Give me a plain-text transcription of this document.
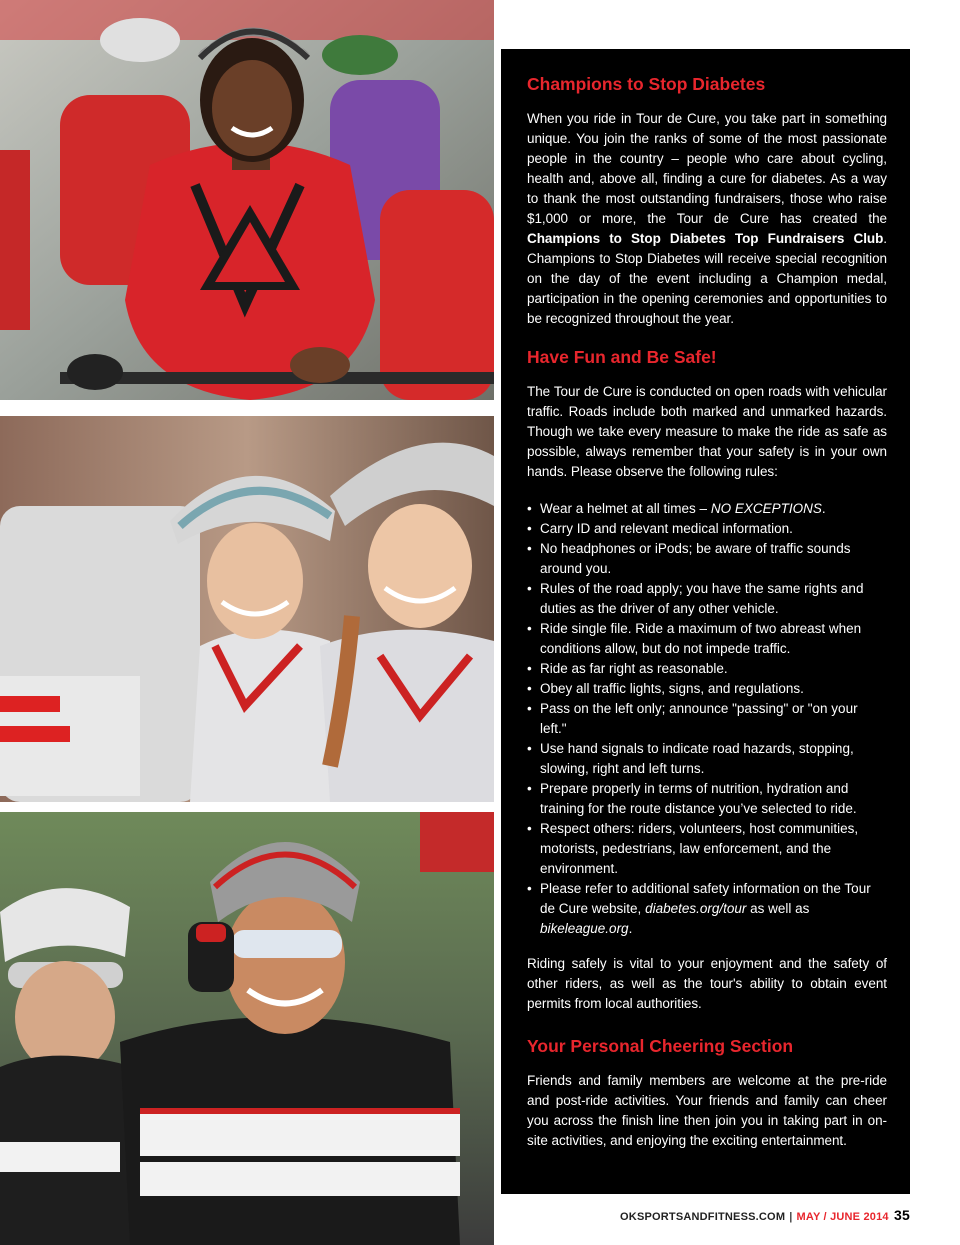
Champions to Stop Diabetes

When you ride in Tour de Cure, you take part in something unique. You join the ranks of some of the most passionate people in the country – people who care about cycling, health and, above all, finding a cure for diabetes. As a way to thank the most outstanding fundraisers, those who raise $1,000 or more, the Tour de Cure has created the Champions to Stop Diabetes Top Fundraisers Club. Champions to Stop Diabetes will receive special recognition on the day of the event including a Champion medal, participation in the opening ceremonies and opportunities to be recognized throughout the year.

Have Fun and Be Safe!

The Tour de Cure is conducted on open roads with vehicular traffic. Roads include both marked and unmarked hazards. Though we take every measure to make the ride as safe as possible, always remember that your safety is in your own hands. Please observe the following rules:

• Wear a helmet at all times – NO EXCEPTIONS.
• Carry ID and relevant medical information.
• No headphones or iPods; be aware of traffic sounds around you.
• Rules of the road apply; you have the same rights and duties as the driver of any other vehicle.
• Ride single file. Ride a maximum of two abreast when conditions allow, but do not impede traffic.
• Ride as far right as reasonable.
• Obey all traffic lights, signs, and regulations.
• Pass on the left only; announce "passing" or "on your left."
• Use hand signals to indicate road hazards, stopping, slowing, right and left turns.
• Prepare properly in terms of nutrition, hydration and training for the route distance you’ve selected to ride.
• Respect others: riders, volunteers, host communities, motorists, pedestrians, law enforcement, and the environment.
• Please refer to additional safety information on the Tour de Cure website, diabetes.org/tour as well as bikeleague.org.

Riding safely is vital to your enjoyment and the safety of other riders, as well as the tour's ability to obtain event permits from local authorities.

Your Personal Cheering Section

Friends and family members are welcome at the pre-ride and post-ride activities. Your friends and family can cheer you across the finish line then join you in taking part in on-site activities, and enjoying the exciting entertainment.

OKSPORTSANDFITNESS.COM | MAY / JUNE 2014 35
